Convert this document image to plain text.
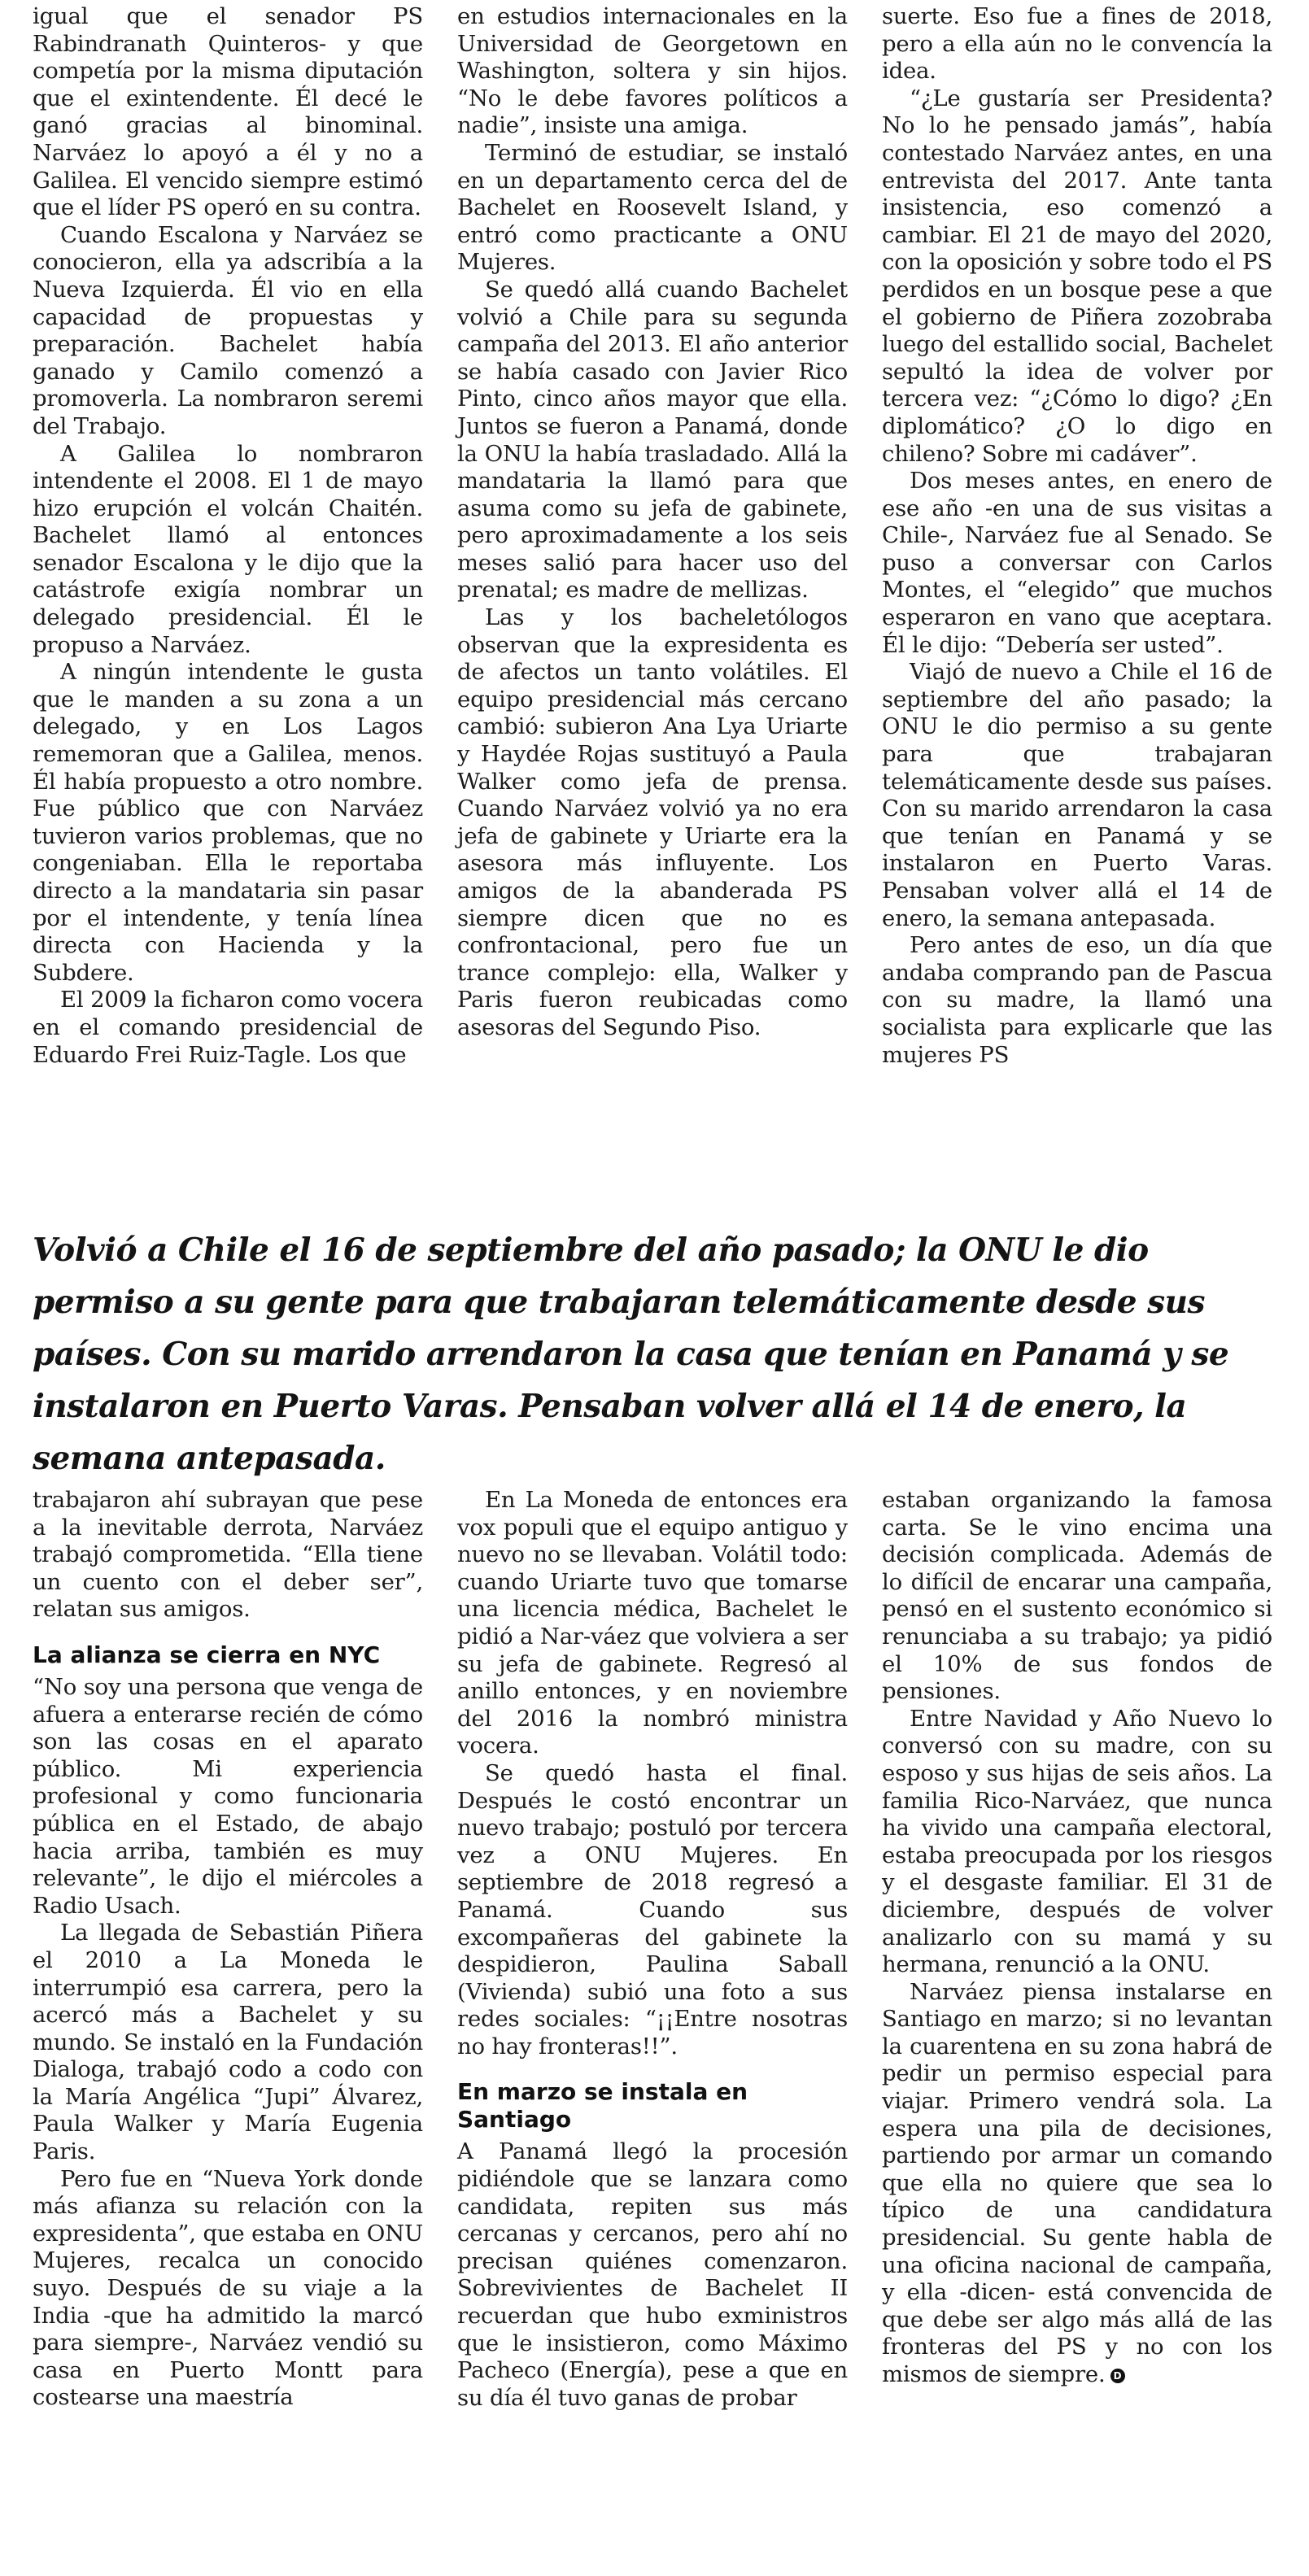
igual que el senador PS Rabindranath Quinteros- y que competía por la misma diputación que el exintendente. Él decé le ganó gracias al binominal. Narváez lo apoyó a él y no a Galilea. El vencido siempre estimó que el líder PS operó en su contra.

Cuando Escalona y Narváez se conocieron, ella ya adscribía a la Nueva Izquierda. Él vio en ella capacidad de propuestas y preparación. Bachelet había ganado y Camilo comenzó a promoverla. La nombraron seremi del Trabajo.

A Galilea lo nombraron intendente el 2008. El 1 de mayo hizo erupción el volcán Chaitén. Bachelet llamó al entonces senador Escalona y le dijo que la catástrofe exigía nombrar un delegado presidencial. Él le propuso a Narváez.

A ningún intendente le gusta que le manden a su zona a un delegado, y en Los Lagos rememoran que a Galilea, menos. Él había propuesto a otro nombre. Fue público que con Narváez tuvieron varios problemas, que no congeniaban. Ella le reportaba directo a la mandataria sin pasar por el intendente, y tenía línea directa con Hacienda y la Subdere.

El 2009 la ficharon como vocera en el comando presidencial de Eduardo Frei Ruiz-Tagle. Los que

en estudios internacionales en la Universidad de Georgetown en Washington, soltera y sin hijos. “No le debe favores políticos a nadie”, insiste una amiga.

Terminó de estudiar, se instaló en un departamento cerca del de Bachelet en Roosevelt Island, y entró como practicante a ONU Mujeres.

Se quedó allá cuando Bachelet volvió a Chile para su segunda campaña del 2013. El año anterior se había casado con Javier Rico Pinto, cinco años mayor que ella. Juntos se fueron a Panamá, donde la ONU la había trasladado. Allá la mandataria la llamó para que asuma como su jefa de gabinete, pero aproximadamente a los seis meses salió para hacer uso del prenatal; es madre de mellizas.

Las y los bacheletólogos observan que la expresidenta es de afectos un tanto volátiles. El equipo presidencial más cercano cambió: subieron Ana Lya Uriarte y Haydée Rojas sustituyó a Paula Walker como jefa de prensa. Cuando Narváez volvió ya no era jefa de gabinete y Uriarte era la asesora más influyente. Los amigos de la abanderada PS siempre dicen que no es confrontacional, pero fue un trance complejo: ella, Walker y Paris fueron reubicadas como asesoras del Segundo Piso.

suerte. Eso fue a fines de 2018, pero a ella aún no le convencía la idea.

“¿Le gustaría ser Presidenta? No lo he pensado jamás”, había contestado Narváez antes, en una entrevista del 2017. Ante tanta insistencia, eso comenzó a cambiar. El 21 de mayo del 2020, con la oposición y sobre todo el PS perdidos en un bosque pese a que el gobierno de Piñera zozobraba luego del estallido social, Bachelet sepultó la idea de volver por tercera vez: “¿Cómo lo digo? ¿En diplomático? ¿O lo digo en chileno? Sobre mi cadáver”.

Dos meses antes, en enero de ese año -en una de sus visitas a Chile-, Narváez fue al Senado. Se puso a conversar con Carlos Montes, el “elegido” que muchos esperaron en vano que aceptara. Él le dijo: “Debería ser usted”.

Viajó de nuevo a Chile el 16 de septiembre del año pasado; la ONU le dio permiso a su gente para que trabajaran telemáticamente desde sus países. Con su marido arrendaron la casa que tenían en Panamá y se instalaron en Puerto Varas. Pensaban volver allá el 14 de enero, la semana antepasada.

Pero antes de eso, un día que andaba comprando pan de Pascua con su madre, la llamó una socialista para explicarle que las mujeres PS

Volvió a Chile el 16 de septiembre del año pasado; la ONU le dio permiso a su gente para que trabajaran telemáticamente desde sus países. Con su marido arrendaron la casa que tenían en Panamá y se instalaron en Puerto Varas. Pensaban volver allá el 14 de enero, la semana antepasada.

trabajaron ahí subrayan que pese a la inevitable derrota, Narváez trabajó comprometida. “Ella tiene un cuento con el deber ser”, relatan sus amigos.

La alianza se cierra en NYC

“No soy una persona que venga de afuera a enterarse recién de cómo son las cosas en el aparato público. Mi experiencia profesional y como funcionaria pública en el Estado, de abajo hacia arriba, también es muy relevante”, le dijo el miércoles a Radio Usach.

La llegada de Sebastián Piñera el 2010 a La Moneda le interrumpió esa carrera, pero la acercó más a Bachelet y su mundo. Se instaló en la Fundación Dialoga, trabajó codo a codo con la María Angélica “Jupi” Álvarez, Paula Walker y María Eugenia Paris.

Pero fue en “Nueva York donde más afianza su relación con la expresidenta”, que estaba en ONU Mujeres, recalca un conocido suyo. Después de su viaje a la India -que ha admitido la marcó para siempre-, Narváez vendió su casa en Puerto Montt para costearse una maestría

En La Moneda de entonces era vox populi que el equipo antiguo y nuevo no se llevaban. Volátil todo: cuando Uriarte tuvo que tomarse una licencia médica, Bachelet le pidió a Nar-váez que volviera a ser su jefa de gabinete. Regresó al anillo entonces, y en noviembre del 2016 la nombró ministra vocera.

Se quedó hasta el final. Después le costó encontrar un nuevo trabajo; postuló por tercera vez a ONU Mujeres. En septiembre de 2018 regresó a Panamá. Cuando sus excompañeras del gabinete la despidieron, Paulina Saball (Vivienda) subió una foto a sus redes sociales: “¡¡Entre nosotras no hay fronteras!!”.

En marzo se instala en Santiago

A Panamá llegó la procesión pidiéndole que se lanzara como candidata, repiten sus más cercanas y cercanos, pero ahí no precisan quiénes comenzaron. Sobrevivientes de Bachelet II recuerdan que hubo exministros que le insistieron, como Máximo Pacheco (Energía), pese a que en su día él tuvo ganas de probar

estaban organizando la famosa carta. Se le vino encima una decisión complicada. Además de lo difícil de encarar una campaña, pensó en el sustento económico si renunciaba a su trabajo; ya pidió el 10% de sus fondos de pensiones.

Entre Navidad y Año Nuevo lo conversó con su madre, con su esposo y sus hijas de seis años. La familia Rico-Narváez, que nunca ha vivido una campaña electoral, estaba preocupada por los riesgos y el desgaste familiar. El 31 de diciembre, después de volver analizarlo con su mamá y su hermana, renunció a la ONU.

Narváez piensa instalarse en Santiago en marzo; si no levantan la cuarentena en su zona habrá de pedir un permiso especial para viajar. Primero vendrá sola. La espera una pila de decisiones, partiendo por armar un comando que ella no quiere que sea lo típico de una candidatura presidencial. Su gente habla de una oficina nacional de campaña, y ella -dicen- está convencida de que debe ser algo más allá de las fronteras del PS y no con los mismos de siempre. D
